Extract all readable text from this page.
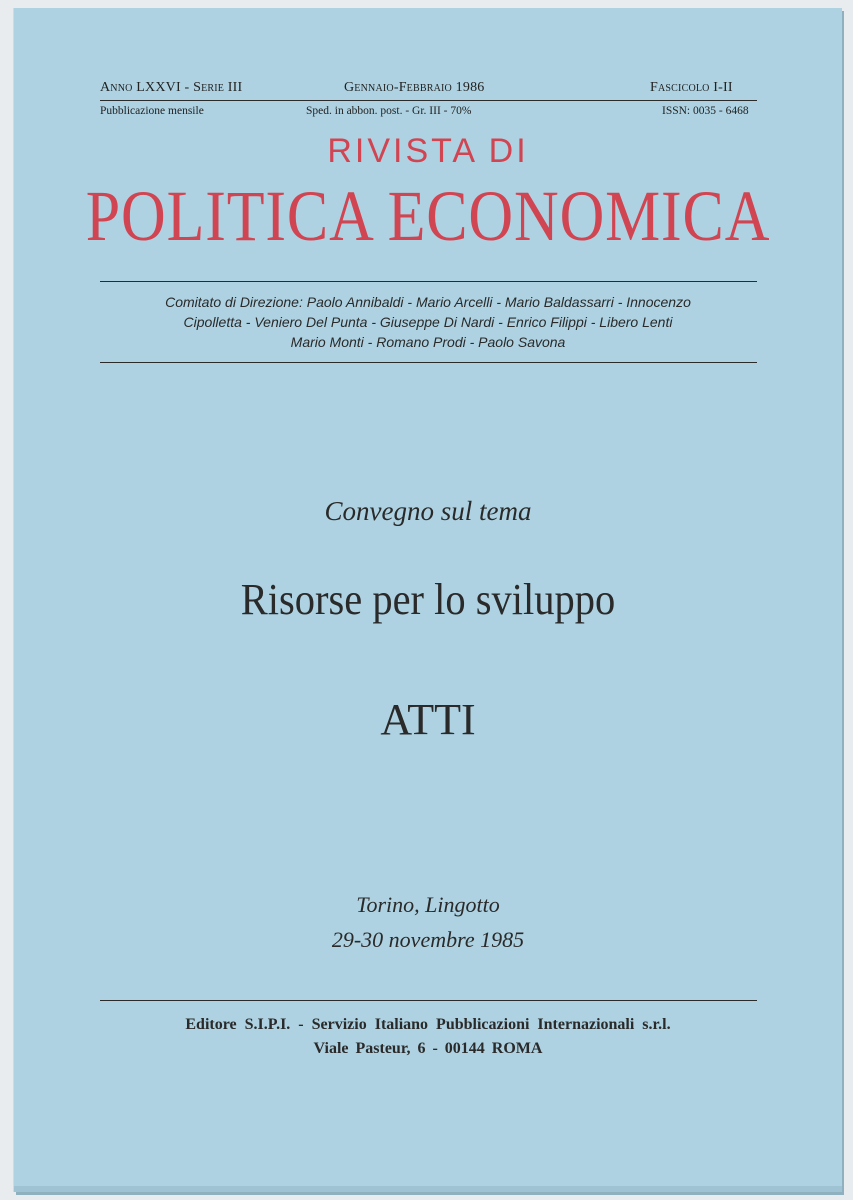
Anno LXXVI - Serie III	Gennaio-Febbraio 1986	Fascicolo I-II
Pubblicazione mensile	Sped. in abbon. post. - Gr. III - 70%	ISSN: 0035 - 6468
RIVISTA DI
POLITICA ECONOMICA
Comitato di Direzione: Paolo Annibaldi - Mario Arcelli - Mario Baldassarri - Innocenzo
Cipolletta - Veniero Del Punta - Giuseppe Di Nardi - Enrico Filippi - Libero Lenti
Mario Monti - Romano Prodi - Paolo Savona
Convegno sul tema
Risorse per lo sviluppo
ATTI
Torino, Lingotto
29-30 novembre 1985
Editore S.I.P.I. - Servizio Italiano Pubblicazioni Internazionali s.r.l.
Viale Pasteur, 6 - 00144 ROMA
